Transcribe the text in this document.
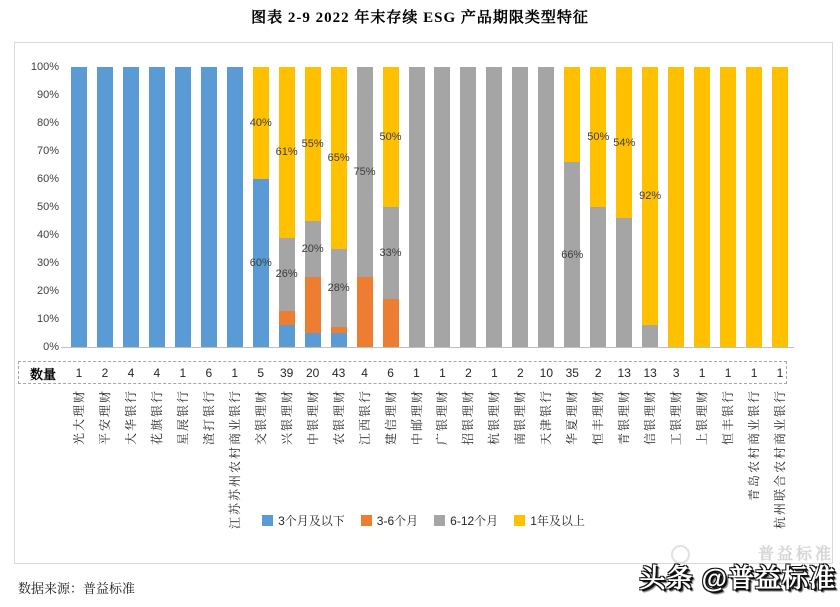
图表 2-9 2022 年末存续 ESG 产品期限类型特征
数量
3个月及以下	3-6个月	6-12个月	1年及以上
0%
10%
20%
30%
40%
50%
60%
70%
80%
90%
100%
60%
40%
26%
61%
20%
55%
28%
65%
75%
33%
50%
66%
50% 54%
92%
1	2	4	4	1	6	1	5	39	20	43	4	6	1	1	2	1	2	10	35	2	13	13	3	1	1	1	1
光大理财 平安理财 大华银行 花旗银行 星展银行 渣打银行 江苏苏州农村商业银行 交银理财 兴银理财 中银理财 农银理财 江西银行 建信理财 中邮理财 广银理财 招银理财 杭银理财 南银理财 天津银行 华夏理财 恒丰理财 青银理财 信银理财 工银理财 上银理财 恒丰银行 青岛农村商业银行 杭州联合农村商业银行
数据来源：普益标准
普益标准
头条 @普益标准
